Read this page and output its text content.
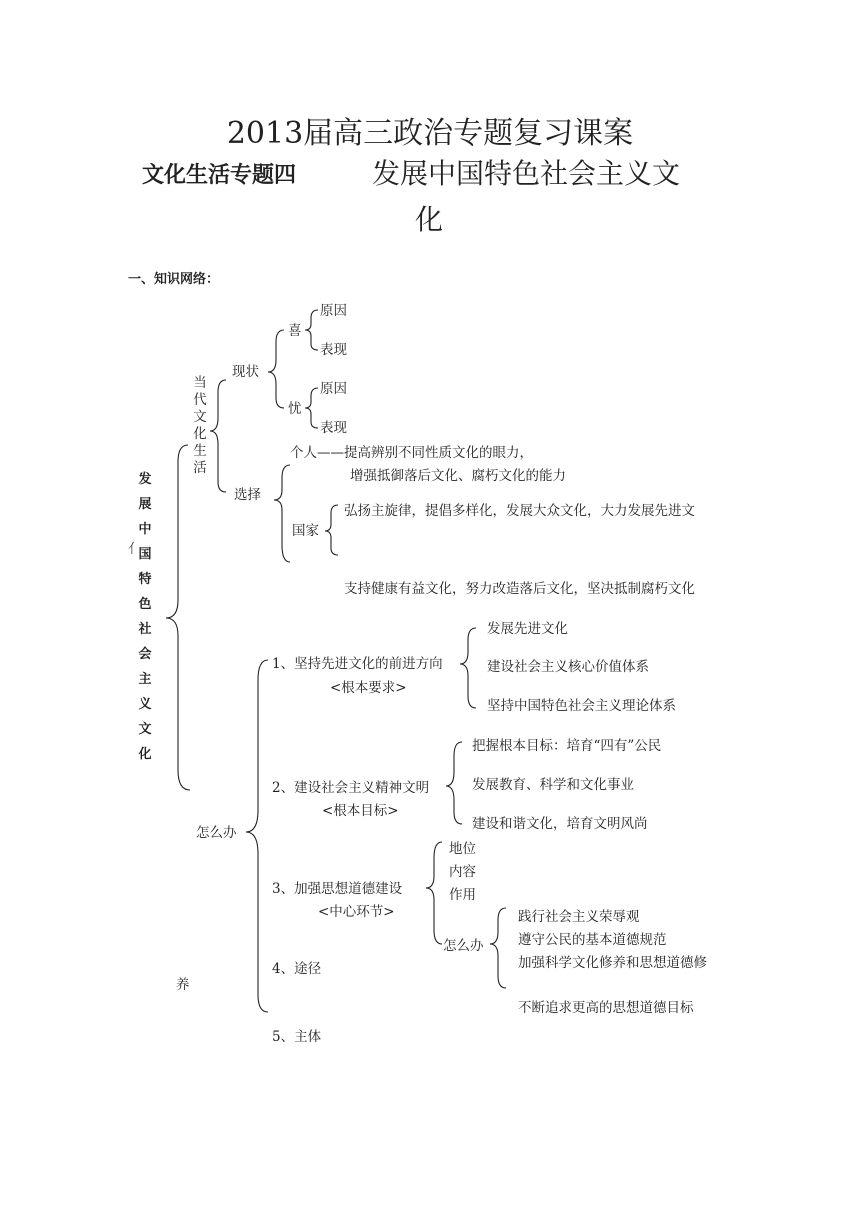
2013届高三政治专题复习课案
文化生活专题四	发展中国特色社会主义文
化
一、知识网络：
发展中国特色社会主义文化
亻
当代文化生活
现状
喜
原因
表现
忧
原因
表现
选择
个人——提高辨别不同性质文化的眼力，
增强抵御落后文化、腐朽文化的能力
国家
弘扬主旋律，提倡多样化，发展大众文化，大力发展先进文
支持健康有益文化，努力改造落后文化，坚决抵制腐朽文化
怎么办
养
1、坚持先进文化的前进方向
<根本要求>
发展先进文化
建设社会主义核心价值体系
坚持中国特色社会主义理论体系
2、建设社会主义精神文明
<根本目标>
把握根本目标：培育“四有”公民
发展教育、科学和文化事业
建设和谐文化，培育文明风尚
3、加强思想道德建设
<中心环节>
地位
内容
作用
怎么办
践行社会主义荣辱观
遵守公民的基本道德规范
加强科学文化修养和思想道德修
不断追求更高的思想道德目标
4、途径
5、主体
